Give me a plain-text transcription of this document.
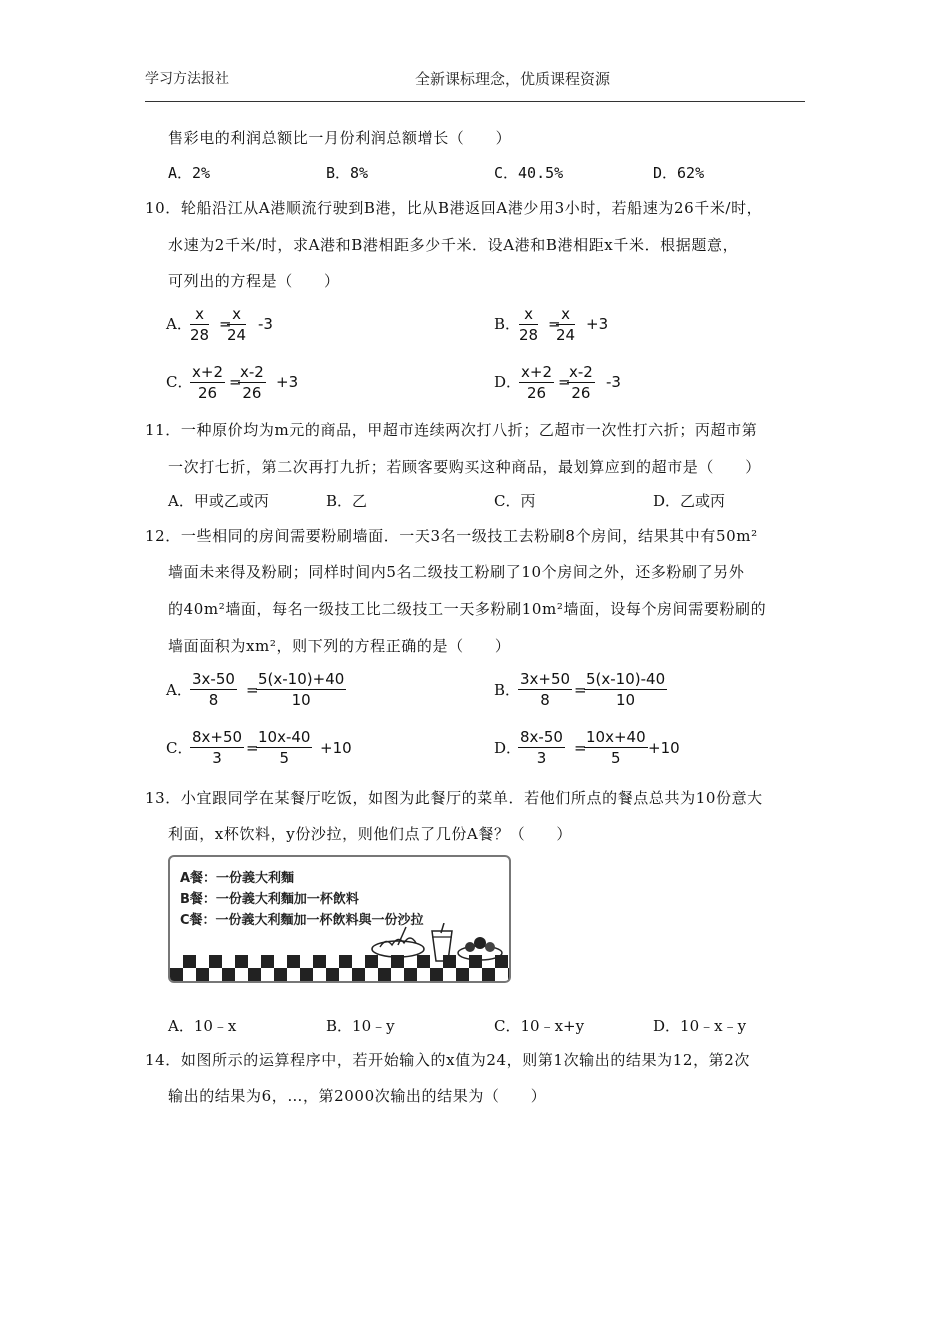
学习方法报社	全新课标理念，优质课程资源
售彩电的利润总额比一月份利润总额增长（　　）
A．2%	B．8%	C．40.5%	D．62%
10．轮船沿江从A港顺流行驶到B港，比从B港返回A港少用3小时，若船速为26千米/时，
水速为2千米/时，求A港和B港相距多少千米．设A港和B港相距x千米．根据题意，
可列出的方程是（　　）
A．
$\frac{x}{28}$ =
$\frac{x}{24} -3$	B．
$\frac{x}{28}$ =
$\frac{x}{24} +3$
C．
$\frac{x+2}{26}$ =
$\frac{x-2}{26} +3$	D．
$\frac{x+2}{26}$ =
$\frac{x-2}{26} -3$
11．一种原价均为m元的商品，甲超市连续两次打八折；乙超市一次性打六折；丙超市第
一次打七折，第二次再打九折；若顾客要购买这种商品，最划算应到的超市是（　　）
A．甲或乙或丙	B．乙	C．丙	D．乙或丙
12．一些相同的房间需要粉刷墙面．一天3名一级技工去粉刷8个房间，结果其中有50m²
墙面未来得及粉刷；同样时间内5名二级技工粉刷了10个房间之外，还多粉刷了另外
的40m²墙面，每名一级技工比二级技工一天多粉刷10m²墙面，设每个房间需要粉刷的
墙面面积为xm²，则下列的方程正确的是（　　）
A．
$\frac{3x-50}{8}$ =
$\frac{5(x-10)+40}{10}$	B．
$\frac{3x+50}{8}$ =
$\frac{5(x-10)-40}{10}$
C．
$\frac{8x+50}{3}$ =
$\frac{10x-40}{5} +10$	D．
$\frac{8x-50}{3}$ =
$\frac{10x+40}{5} +10$
13．小宜跟同学在某餐厅吃饭，如图为此餐厅的菜单．若他们所点的餐点总共为10份意大
利面，x杯饮料，y份沙拉，则他们点了几份A餐？（　　）
A餐：一份義大利麵
B餐：一份義大利麵加一杯飲料
C餐：一份義大利麵加一杯飲料與一份沙拉
A．10﹣x	B．10﹣y	C．10﹣x+y	D．10﹣x﹣y
14．如图所示的运算程序中，若开始输入的x值为24，则第1次输出的结果为12，第2次
输出的结果为6，…，第2000次输出的结果为（　　）
